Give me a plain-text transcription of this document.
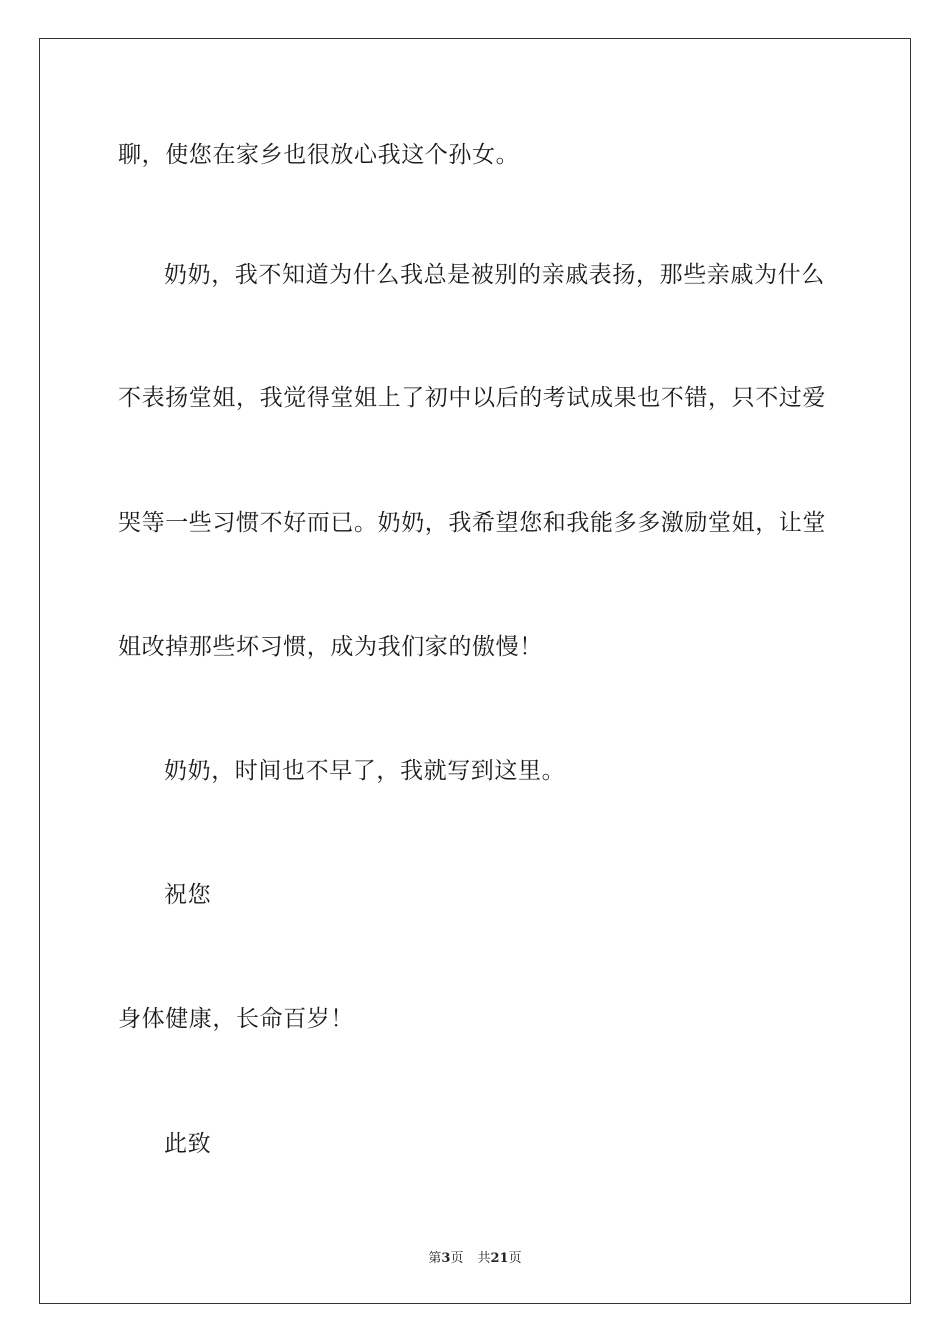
聊，使您在家乡也很放心我这个孙女。
奶奶，我不知道为什么我总是被别的亲戚表扬，那些亲戚为什么
不表扬堂姐，我觉得堂姐上了初中以后的考试成果也不错，只不过爱
哭等一些习惯不好而已。奶奶，我希望您和我能多多激励堂姐，让堂
姐改掉那些坏习惯，成为我们家的傲慢！
奶奶，时间也不早了，我就写到这里。
祝您
身体健康，长命百岁！
此致
第3页 共21页
